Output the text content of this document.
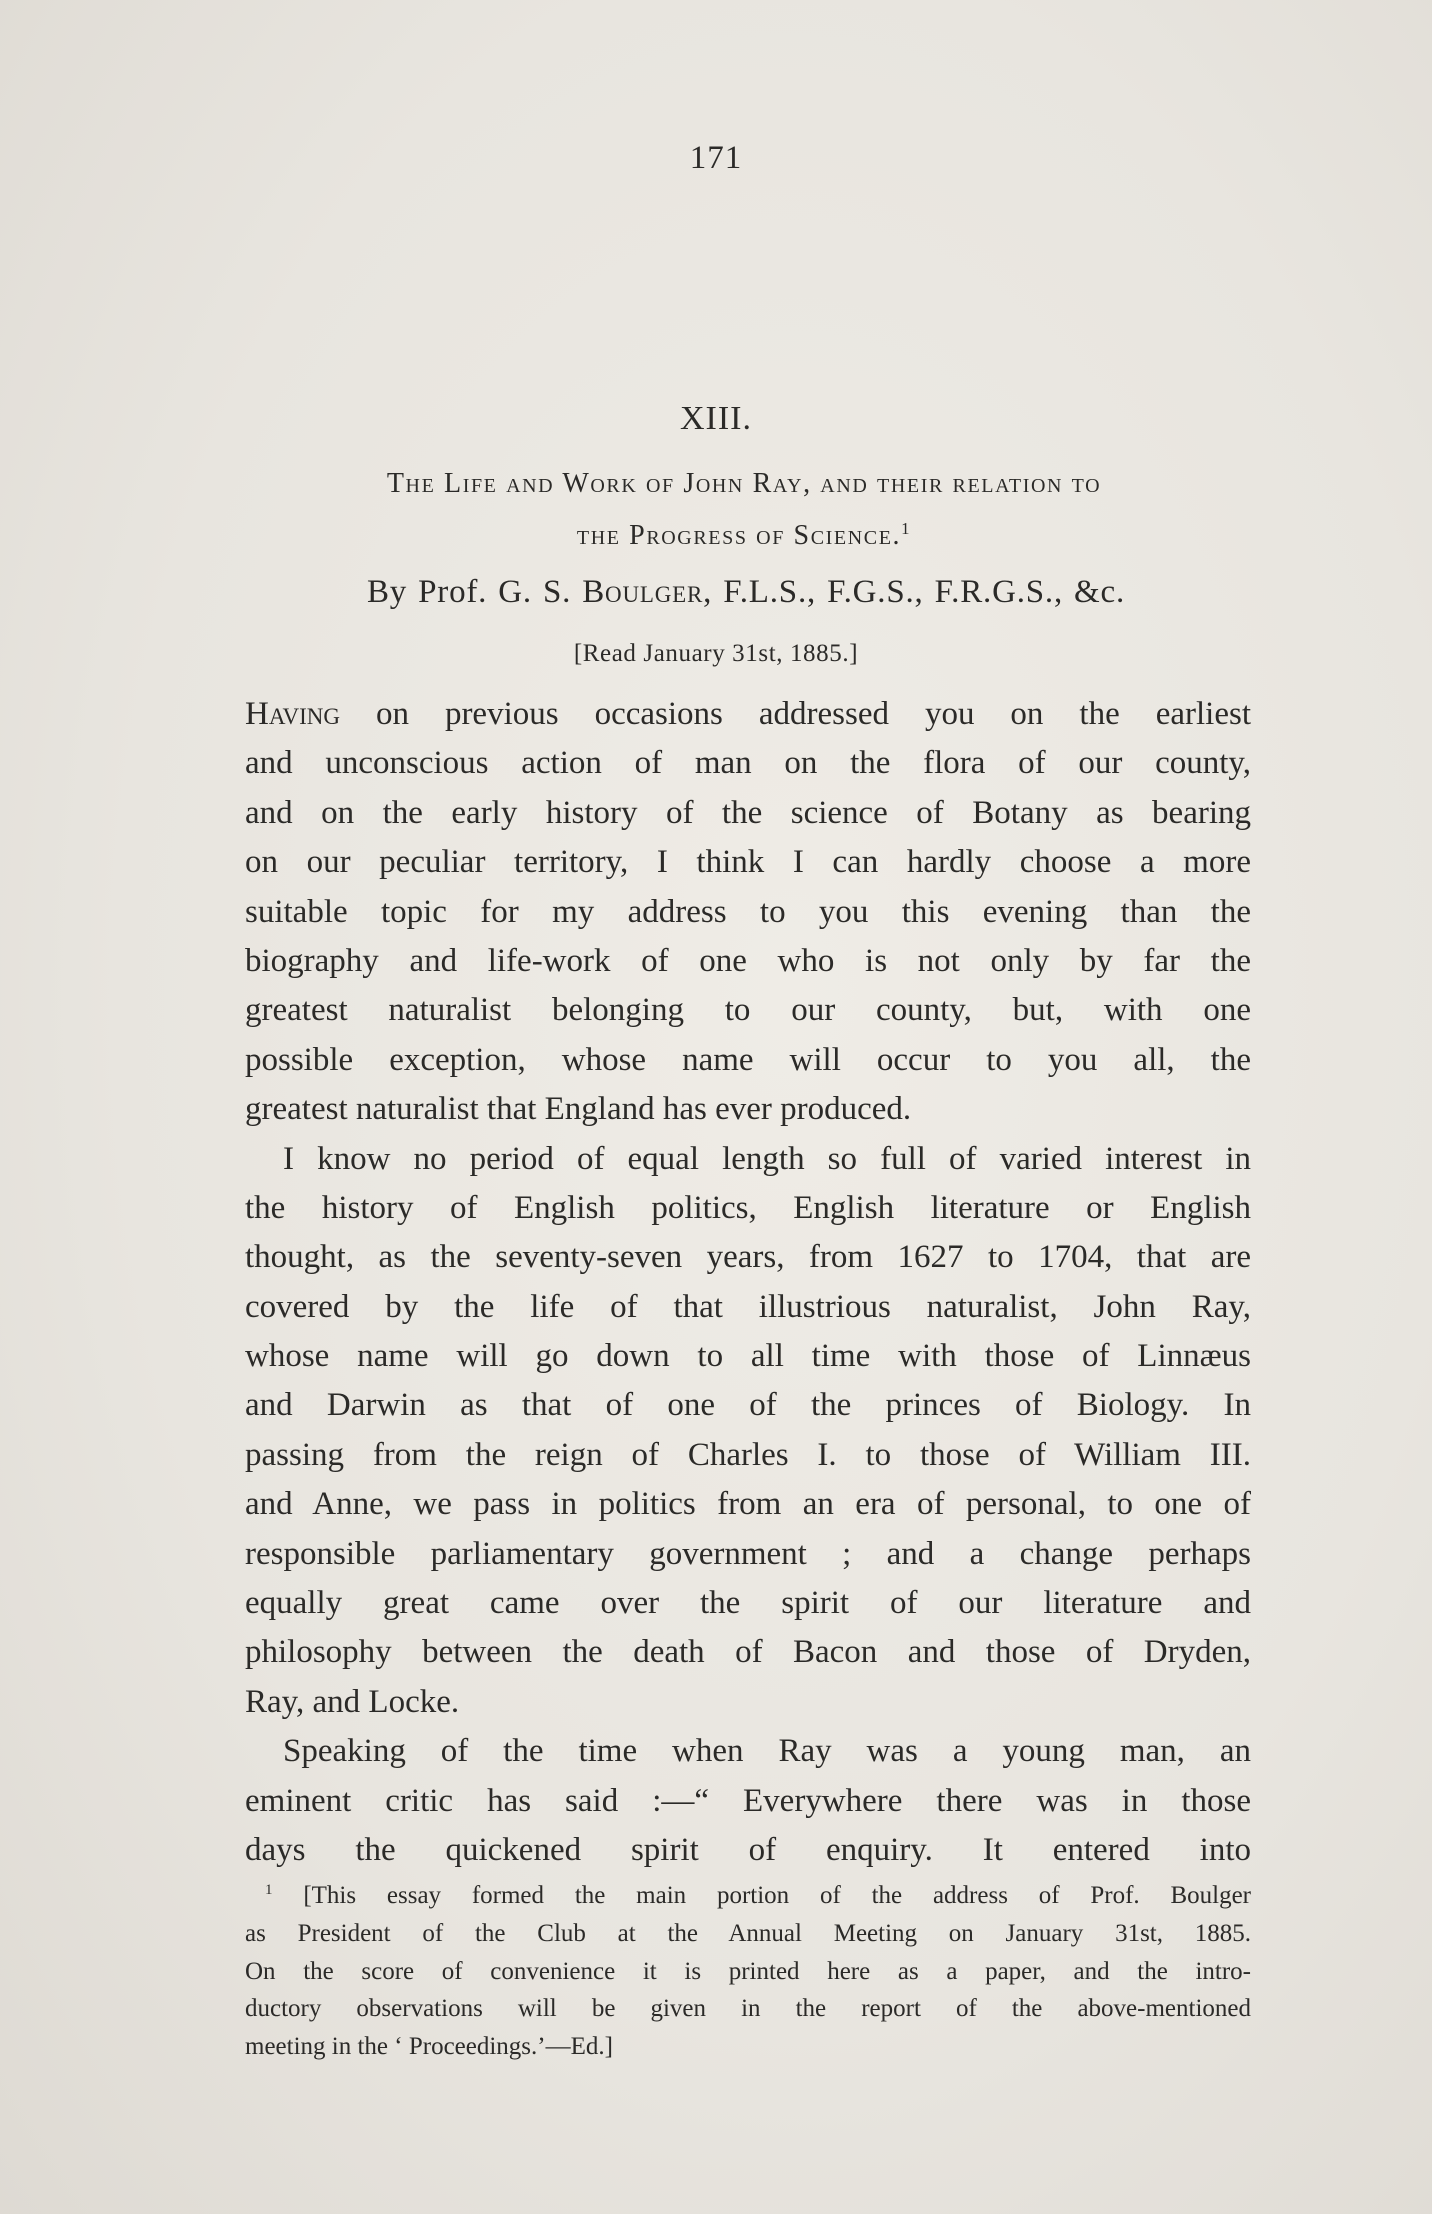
171
XIII.
The Life and Work of John Ray, and their relation to
the Progress of Science.$^1$
By Prof. G. S. Boulger, F.L.S., F.G.S., F.R.G.S., &c.
[Read January 31st, 1885.]
Having on previous occasions addressed you on the earliest
and unconscious action of man on the flora of our county,
and on the early history of the science of Botany as bearing
on our peculiar territory, I think I can hardly choose a more
suitable topic for my address to you this evening than the
biography and life-work of one who is not only by far the
greatest naturalist belonging to our county, but, with one
possible exception, whose name will occur to you all, the
greatest naturalist that England has ever produced.
I know no period of equal length so full of varied interest in
the history of English politics, English literature or English
thought, as the seventy-seven years, from 1627 to 1704, that are
covered by the life of that illustrious naturalist, John Ray,
whose name will go down to all time with those of Linnæus
and Darwin as that of one of the princes of Biology. In
passing from the reign of Charles I. to those of William III.
and Anne, we pass in politics from an era of personal, to one of
responsible parliamentary government ; and a change perhaps
equally great came over the spirit of our literature and
philosophy between the death of Bacon and those of Dryden,
Ray, and Locke.
Speaking of the time when Ray was a young man, an
eminent critic has said :—“ Everywhere there was in those
days the quickened spirit of enquiry. It entered into
$^1$ [This essay formed the main portion of the address of Prof. Boulger
as President of the Club at the Annual Meeting on January 31st, 1885.
On the score of convenience it is printed here as a paper, and the intro-
ductory observations will be given in the report of the above-mentioned
meeting in the ‘ Proceedings.’—Ed.]
